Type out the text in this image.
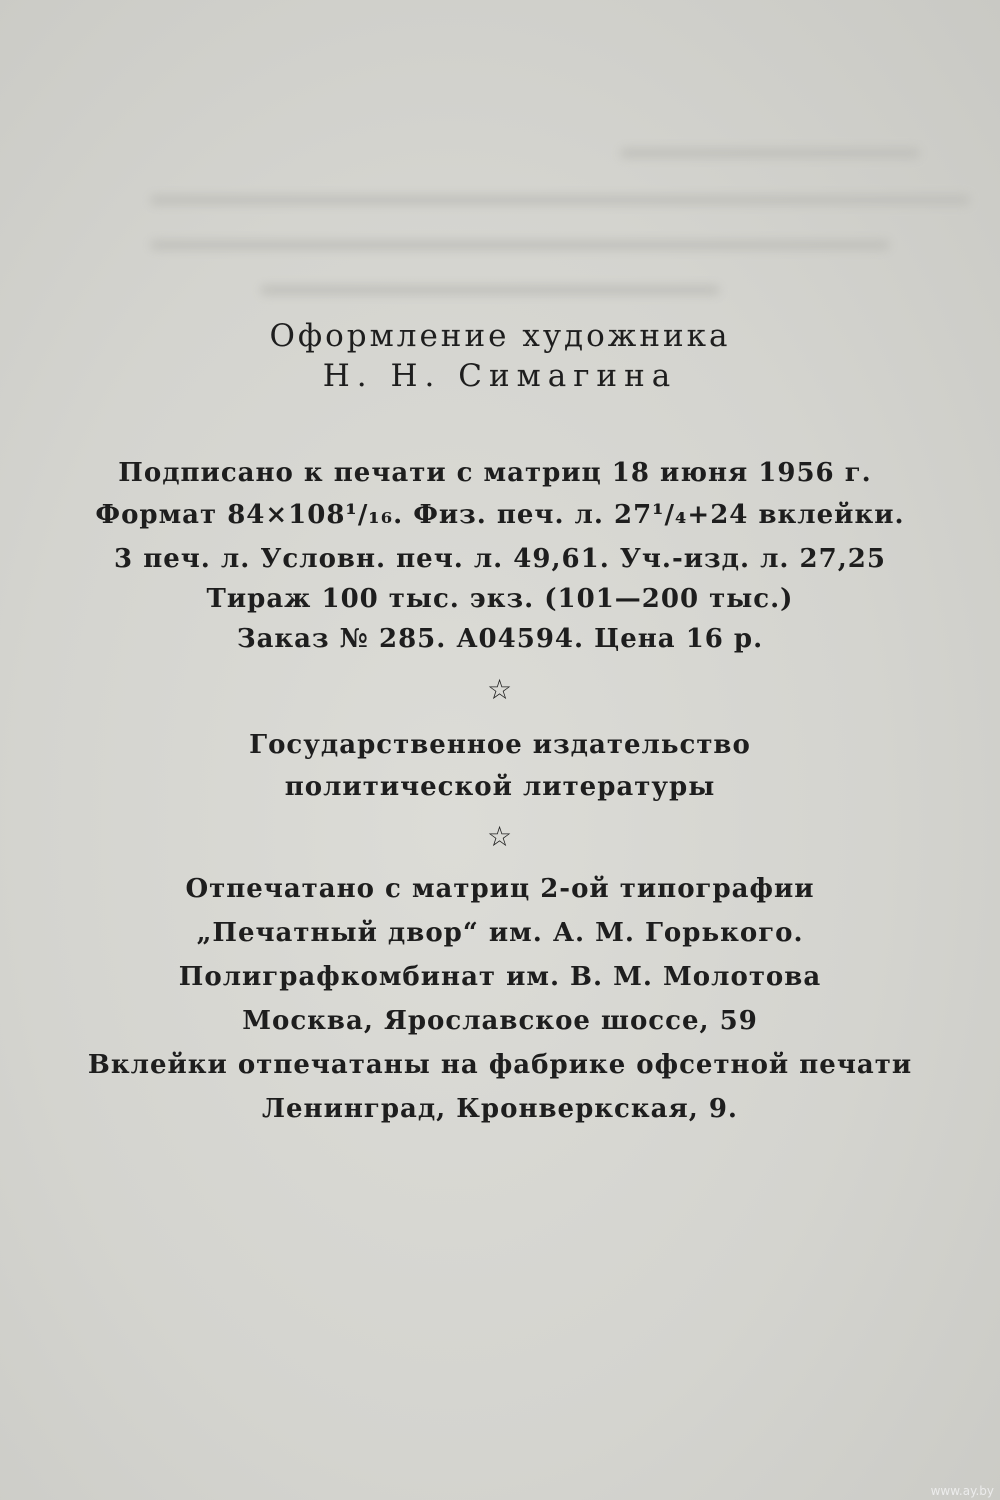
Оформление художника
Н. Н. Симагина
Подписано к печати с матриц 18 июня 1956 г.
Формат 84×108¹/₁₆. Физ. печ. л. 27¹/₄+24 вклейки.
3 печ. л. Условн. печ. л. 49,61. Уч.-изд. л. 27,25
Тираж 100 тыс. экз. (101—200 тыс.)
Заказ № 285. А04594. Цена 16 р.
☆
Государственное издательство
политической литературы
☆
Отпечатано с матриц 2-ой типографии
„Печатный двор“ им. А. М. Горького.
Полиграфкомбинат им. В. М. Молотова
Москва, Ярославское шоссе, 59
Вклейки отпечатаны на фабрике офсетной печати
Ленинград, Кронверкская, 9.
www.ay.by
